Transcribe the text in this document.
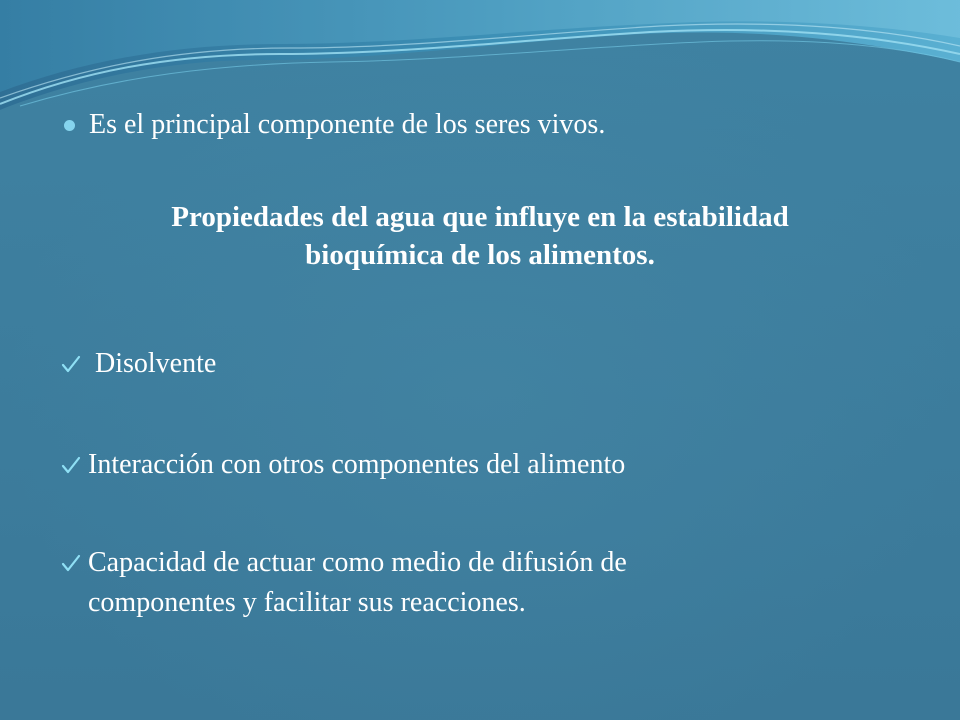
Es el principal componente de los seres vivos.
Propiedades del agua que influye en la estabilidad
bioquímica de los alimentos.
Disolvente
Interacción con otros componentes del alimento
Capacidad de actuar como medio de difusión de
componentes y facilitar sus reacciones.
